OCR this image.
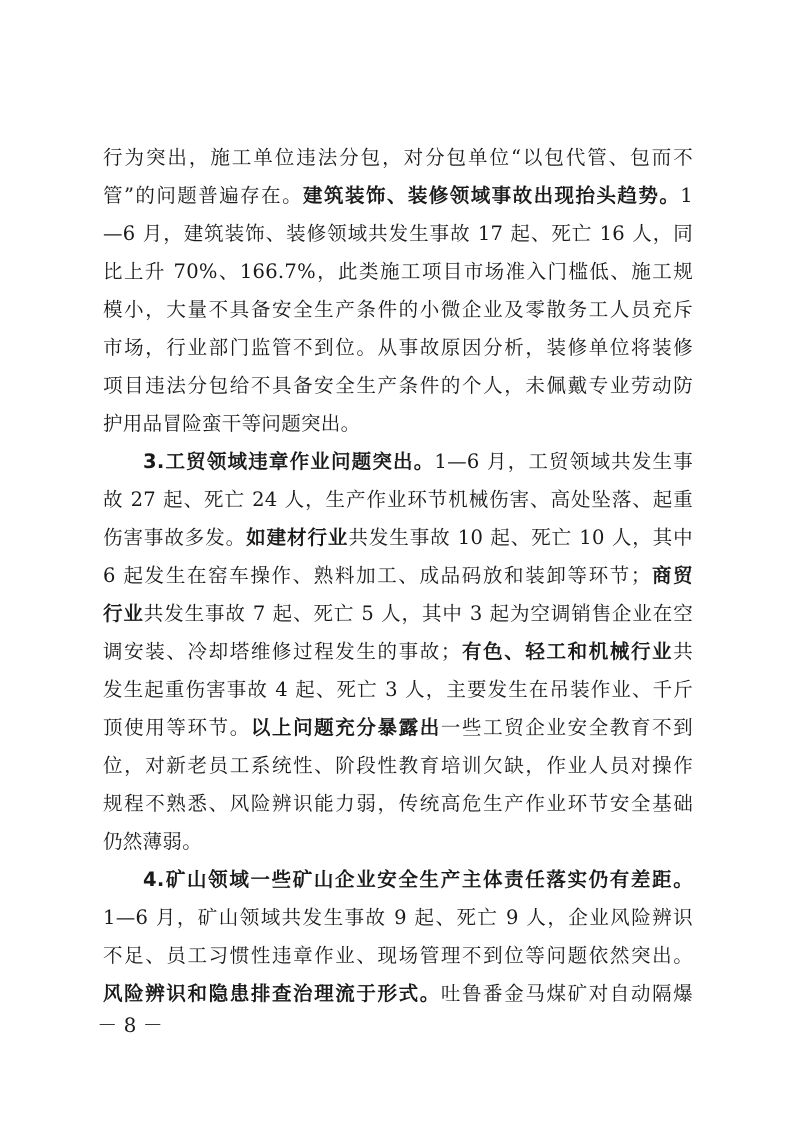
行为突出，施工单位违法分包，对分包单位“以包代管、包而不
管”的问题普遍存在。建筑装饰、装修领域事故出现抬头趋势。1
—6 月，建筑装饰、装修领域共发生事故 17 起、死亡 16 人，同
比上升 70%、166.7%，此类施工项目市场准入门槛低、施工规
模小，大量不具备安全生产条件的小微企业及零散务工人员充斥
市场，行业部门监管不到位。从事故原因分析，装修单位将装修
项目违法分包给不具备安全生产条件的个人，未佩戴专业劳动防
护用品冒险蛮干等问题突出。
3.工贸领域违章作业问题突出。1—6 月，工贸领域共发生事
故 27 起、死亡 24 人，生产作业环节机械伤害、高处坠落、起重
伤害事故多发。如建材行业共发生事故 10 起、死亡 10 人，其中
6 起发生在窑车操作、熟料加工、成品码放和装卸等环节；商贸
行业共发生事故 7 起、死亡 5 人，其中 3 起为空调销售企业在空
调安装、冷却塔维修过程发生的事故；有色、轻工和机械行业共
发生起重伤害事故 4 起、死亡 3 人，主要发生在吊装作业、千斤
顶使用等环节。以上问题充分暴露出一些工贸企业安全教育不到
位，对新老员工系统性、阶段性教育培训欠缺，作业人员对操作
规程不熟悉、风险辨识能力弱，传统高危生产作业环节安全基础
仍然薄弱。
4.矿山领域一些矿山企业安全生产主体责任落实仍有差距。
1—6 月，矿山领域共发生事故 9 起、死亡 9 人，企业风险辨识
不足、员工习惯性违章作业、现场管理不到位等问题依然突出。
风险辨识和隐患排查治理流于形式。吐鲁番金马煤矿对自动隔爆
－ 8 －
